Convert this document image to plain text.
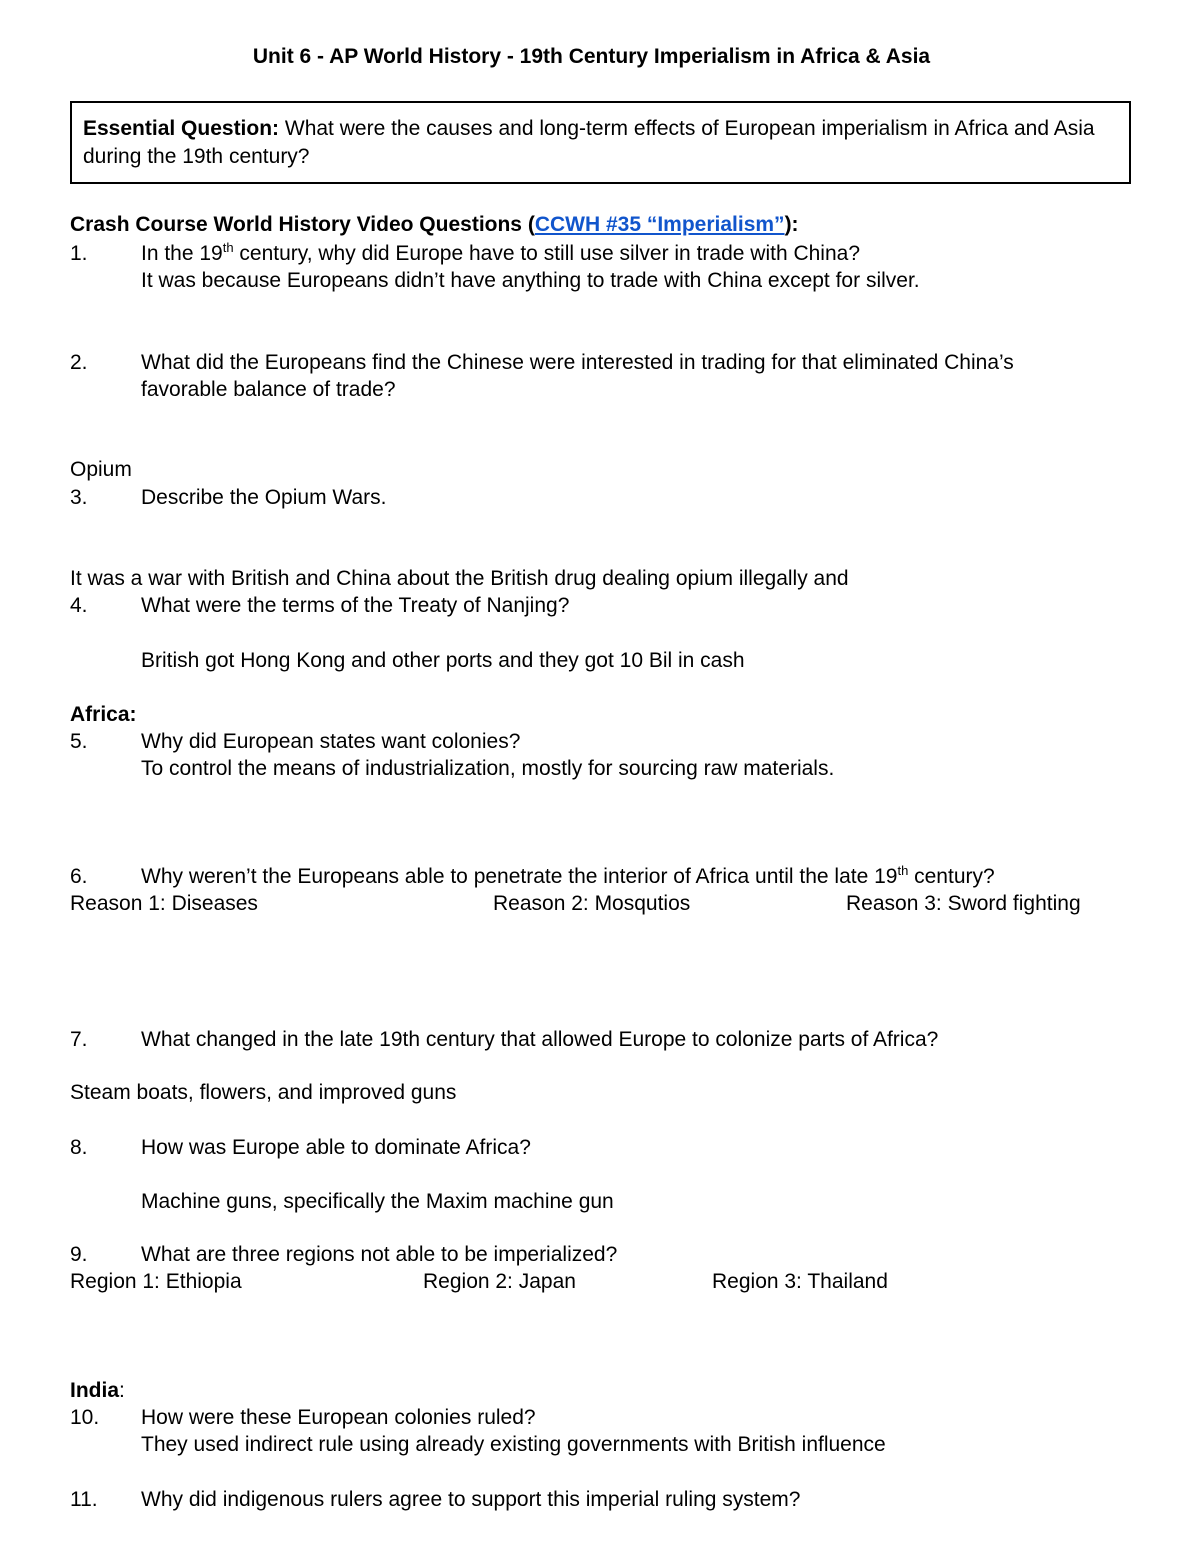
Unit 6 - AP World History - 19th Century Imperialism in Africa & Asia
Essential Question: What were the causes and long-term effects of European imperialism in Africa and Asia during the 19th century?
Crash Course World History Video Questions (CCWH #35 “Imperialism”):
1.	In the 19th century, why did Europe have to still use silver in trade with China?
It was because Europeans didn’t have anything to trade with China except for silver.
2.	What did the Europeans find the Chinese were interested in trading for that eliminated China’s
favorable balance of trade?
Opium
3.	Describe the Opium Wars.
It was a war with British and China about the British drug dealing opium illegally and
4.	What were the terms of the Treaty of Nanjing?
British got Hong Kong and other ports and they got 10 Bil in cash
Africa:
5.	Why did European states want colonies?
To control the means of industrialization, mostly for sourcing raw materials.
6.	Why weren’t the Europeans able to penetrate the interior of Africa until the late 19th century?
Reason 1: Diseases	Reason 2: Mosqutios	Reason 3: Sword fighting
7.	What changed in the late 19th century that allowed Europe to colonize parts of Africa?
Steam boats, flowers, and improved guns
8.	How was Europe able to dominate Africa?
Machine guns, specifically the Maxim machine gun
9.	What are three regions not able to be imperialized?
Region 1: Ethiopia	Region 2: Japan	Region 3: Thailand
India:
10. How were these European colonies ruled?
They used indirect rule using already existing governments with British influence
11. Why did indigenous rulers agree to support this imperial ruling system?
